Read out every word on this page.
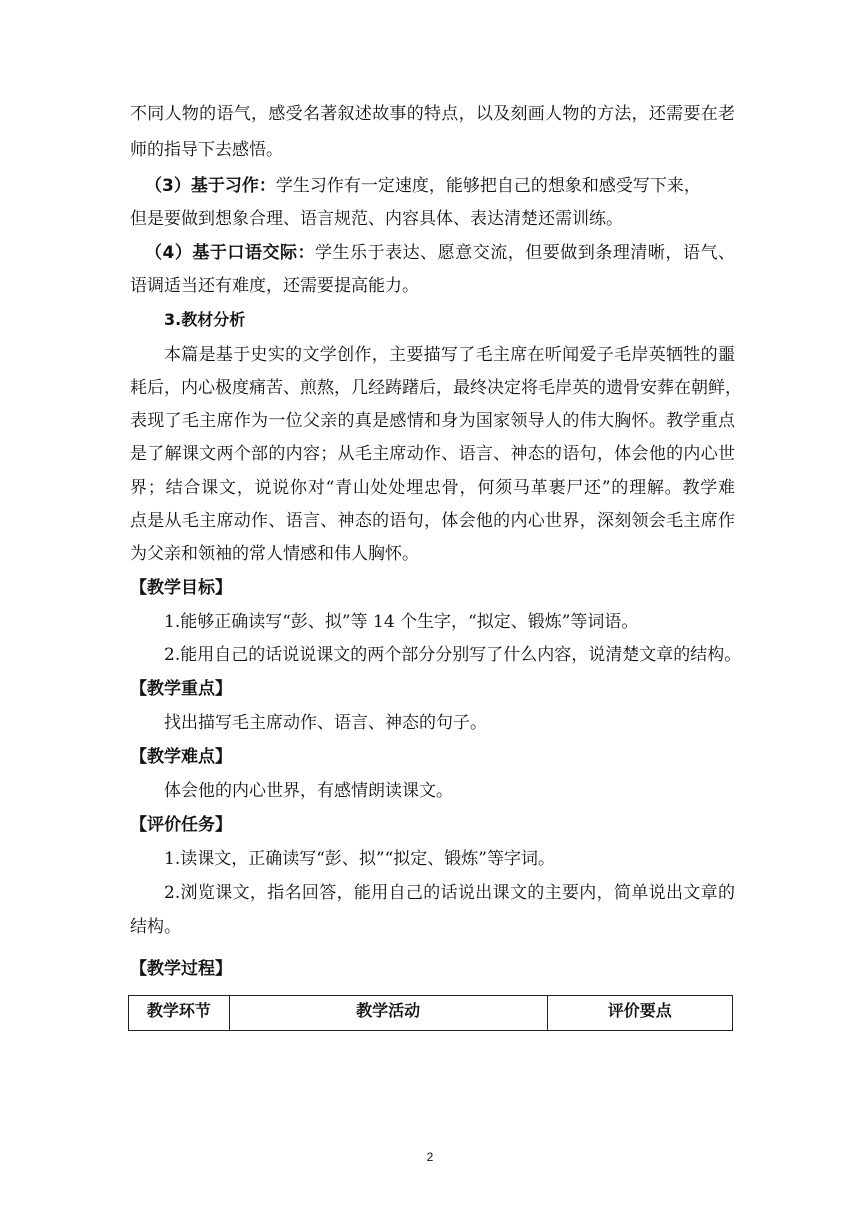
不同人物的语气，感受名著叙述故事的特点，以及刻画人物的方法，还需要在老
师的指导下去感悟。
（3）基于习作：学生习作有一定速度，能够把自己的想象和感受写下来，
但是要做到想象合理、语言规范、内容具体、表达清楚还需训练。
（4）基于口语交际：学生乐于表达、愿意交流，但要做到条理清晰，语气、
语调适当还有难度，还需要提高能力。
3.教材分析
本篇是基于史实的文学创作，主要描写了毛主席在听闻爱子毛岸英牺牲的噩
耗后，内心极度痛苦、煎熬，几经踌躇后，最终决定将毛岸英的遗骨安葬在朝鲜，
表现了毛主席作为一位父亲的真是感情和身为国家领导人的伟大胸怀。教学重点
是了解课文两个部的内容；从毛主席动作、语言、神态的语句，体会他的内心世
界；结合课文，说说你对“青山处处埋忠骨，何须马革裹尸还”的理解。教学难
点是从毛主席动作、语言、神态的语句，体会他的内心世界，深刻领会毛主席作
为父亲和领袖的常人情感和伟人胸怀。
【教学目标】
1.能够正确读写“彭、拟”等 14 个生字，“拟定、锻炼”等词语。
2.能用自己的话说说课文的两个部分分别写了什么内容，说清楚文章的结构。
【教学重点】
找出描写毛主席动作、语言、神态的句子。
【教学难点】
体会他的内心世界，有感情朗读课文。
【评价任务】
1.读课文，正确读写“彭、拟”“拟定、锻炼”等字词。
2.浏览课文，指名回答，能用自己的话说出课文的主要内，简单说出文章的
结构。
【教学过程】
教学环节	教学活动	评价要点
2
